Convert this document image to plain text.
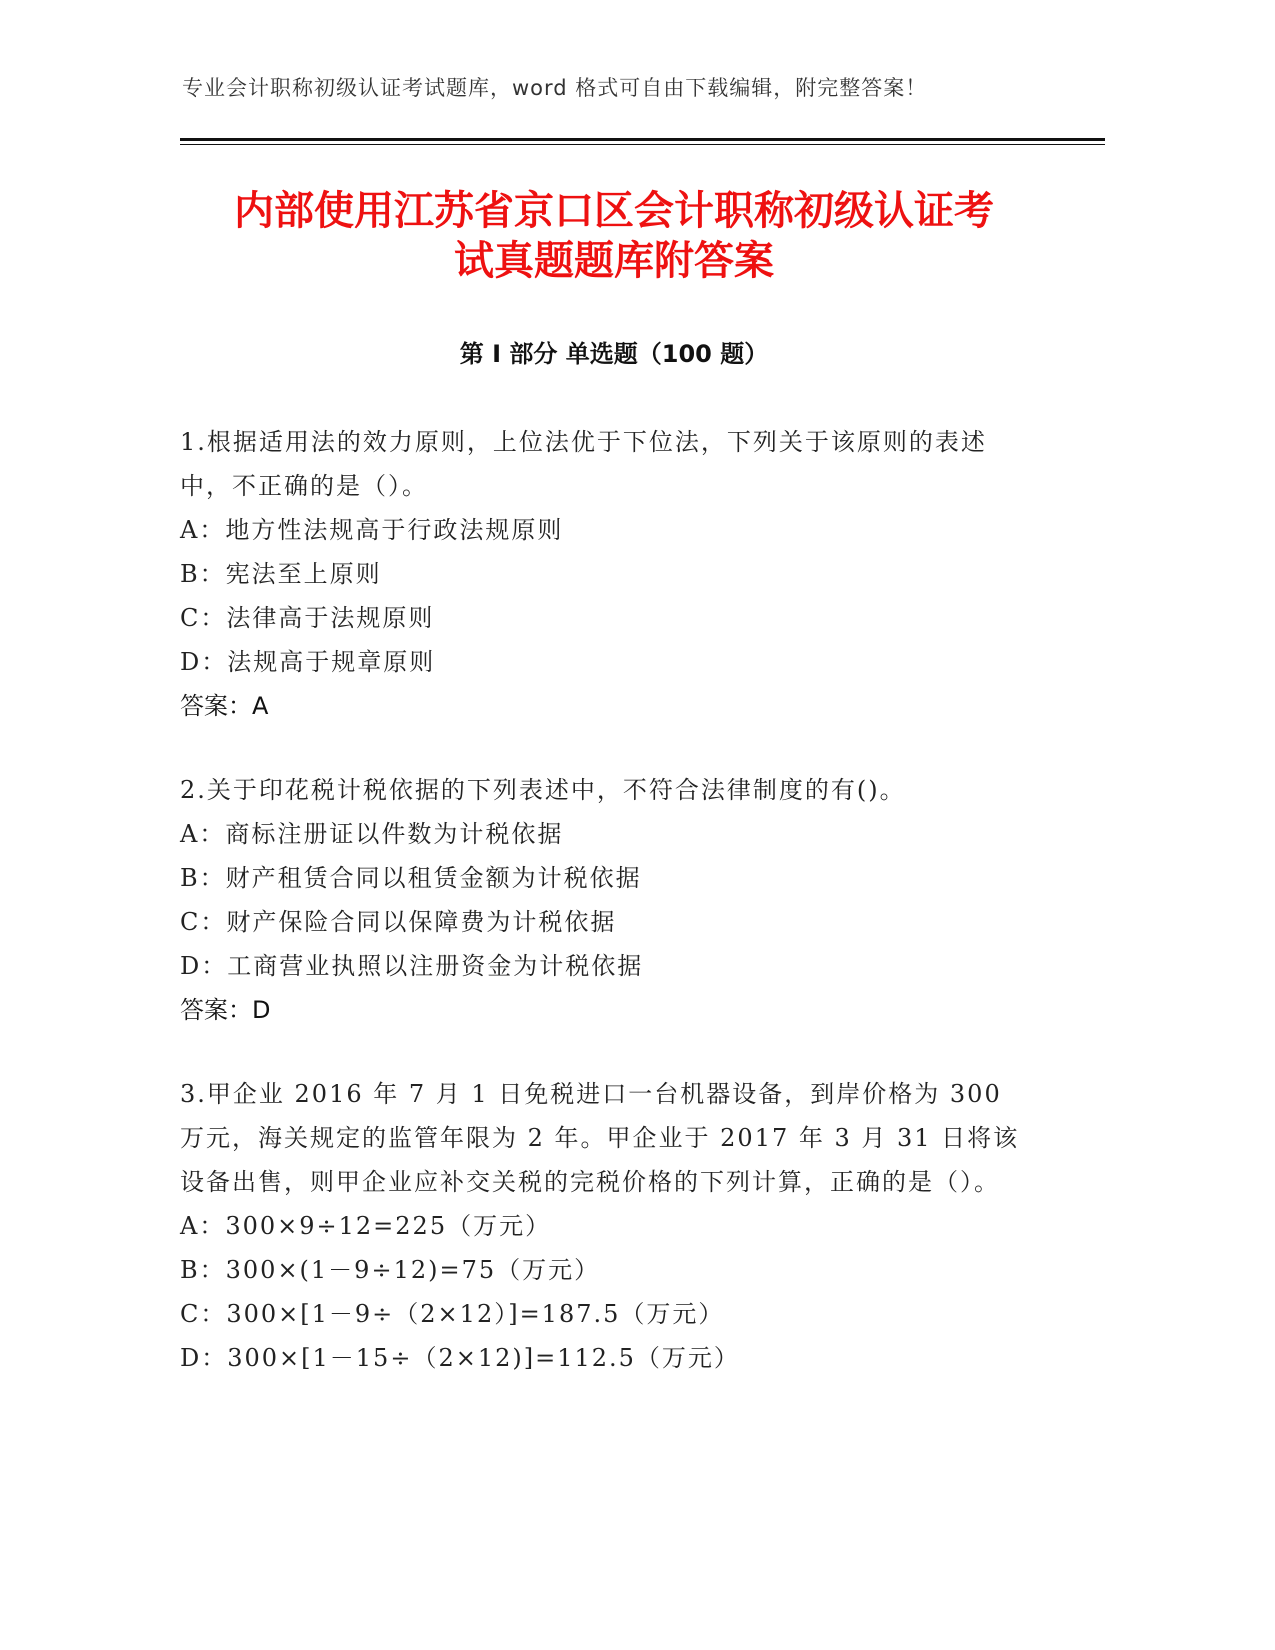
专业会计职称初级认证考试题库，word 格式可自由下载编辑，附完整答案！
内部使用江苏省京口区会计职称初级认证考
试真题题库附答案
第 I 部分 单选题（100 题）

1.根据适用法的效力原则，上位法优于下位法，下列关于该原则的表述中，不正确的是（）。

A：地方性法规高于行政法规原则

B：宪法至上原则

C：法律高于法规原则

D：法规高于规章原则

答案：A

2.关于印花税计税依据的下列表述中，不符合法律制度的有()。

A：商标注册证以件数为计税依据

B：财产租赁合同以租赁金额为计税依据

C：财产保险合同以保障费为计税依据

D：工商营业执照以注册资金为计税依据

答案：D

3.甲企业 2016 年 7 月 1 日免税进口一台机器设备，到岸价格为 300 万元，海关规定的监管年限为 2 年。甲企业于 2017 年 3 月 31 日将该设备出售，则甲企业应补交关税的完税价格的下列计算，正确的是（）。

A：300×9÷12=225（万元）

B：300×(1－9÷12)=75（万元）

C：300×[1－9÷（2×12）]=187.5（万元）

D：300×[1－15÷（2×12)]=112.5（万元）
